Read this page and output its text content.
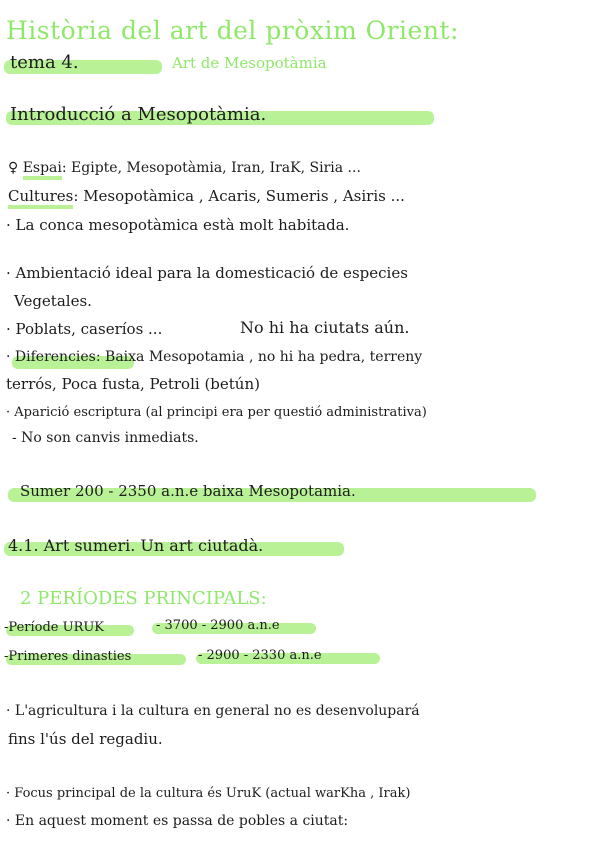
Història del art del pròxim Orient:
tema 4.	Art de Mesopotàmia
Introducció a Mesopotàmia.
♀ Espai: Egipte, Mesopotàmia, Iran, IraK, Siria ...
Cultures: Mesopotàmica , Acaris, Sumeris , Asiris ...
· La conca mesopotàmica està molt habitada.
· Ambientació ideal para la domesticació de especies
Vegetales.
· Poblats, caseríos ...	No hi ha ciutats aún.
· Diferencies: Baixa Mesopotamia , no hi ha pedra, terreny
terrós, Poca fusta, Petroli (betún)
· Aparició escriptura (al principi era per questió administrativa)
- No son canvis inmediats.
Sumer 200 - 2350 a.n.e baixa Mesopotamia.
4.1. Art sumeri. Un art ciutadà.
2 PERÍODES PRINCIPALS:
-Període URUK	- 3700 - 2900 a.n.e
-Primeres dinasties	- 2900 - 2330 a.n.e
· L'agricultura i la cultura en general no es desenvolupará
fins l'ús del regadiu.
· Focus principal de la cultura és UruK (actual warKha , Irak)
· En aquest moment es passa de pobles a ciutat:
